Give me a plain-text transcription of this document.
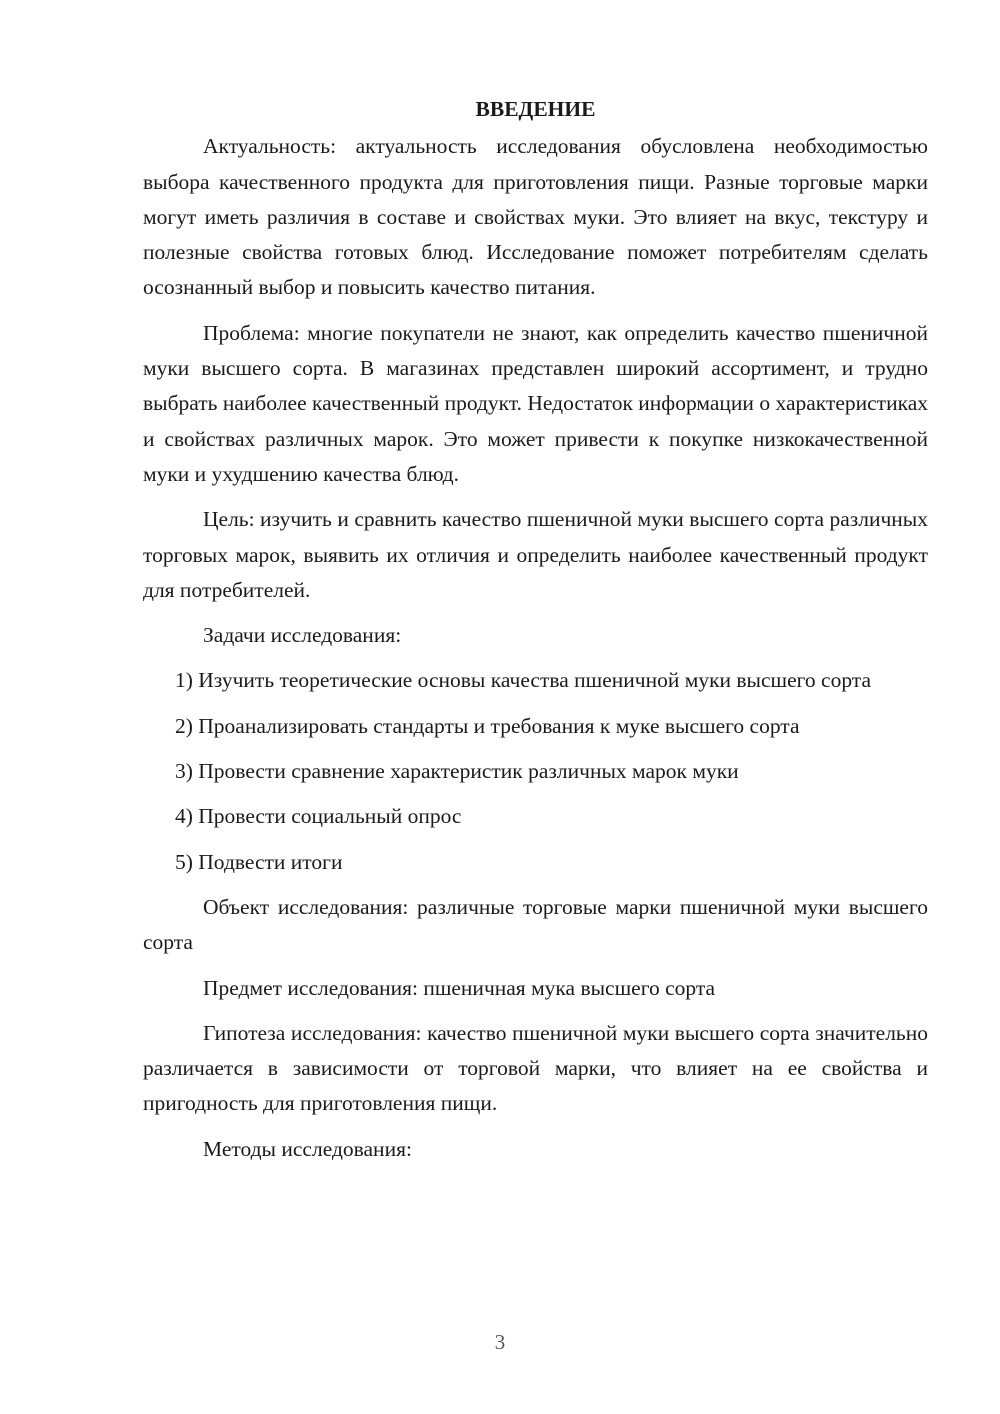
ВВЕДЕНИЕ

Актуальность: актуальность исследования обусловлена необходимостью выбора качественного продукта для приготовления пищи. Разные торговые марки могут иметь различия в составе и свойствах муки. Это влияет на вкус, текстуру и полезные свойства готовых блюд. Исследование поможет потребителям сделать осознанный выбор и повысить качество питания.

Проблема: многие покупатели не знают, как определить качество пшеничной муки высшего сорта. В магазинах представлен широкий ассортимент, и трудно выбрать наиболее качественный продукт. Недостаток информации о характеристиках и свойствах различных марок. Это может привести к покупке низкокачественной муки и ухудшению качества блюд.

Цель: изучить и сравнить качество пшеничной муки высшего сорта различных торговых марок, выявить их отличия и определить наиболее качественный продукт для потребителей.

Задачи исследования:

1) Изучить теоретические основы качества пшеничной муки высшего сорта

2) Проанализировать стандарты и требования к муке высшего сорта

3) Провести сравнение характеристик различных марок муки

4) Провести социальный опрос

5) Подвести итоги

Объект исследования: различные торговые марки пшеничной муки высшего сорта

Предмет исследования: пшеничная мука высшего сорта

Гипотеза исследования: качество пшеничной муки высшего сорта значительно различается в зависимости от торговой марки, что влияет на ее свойства и пригодность для приготовления пищи.

Методы исследования:

3
